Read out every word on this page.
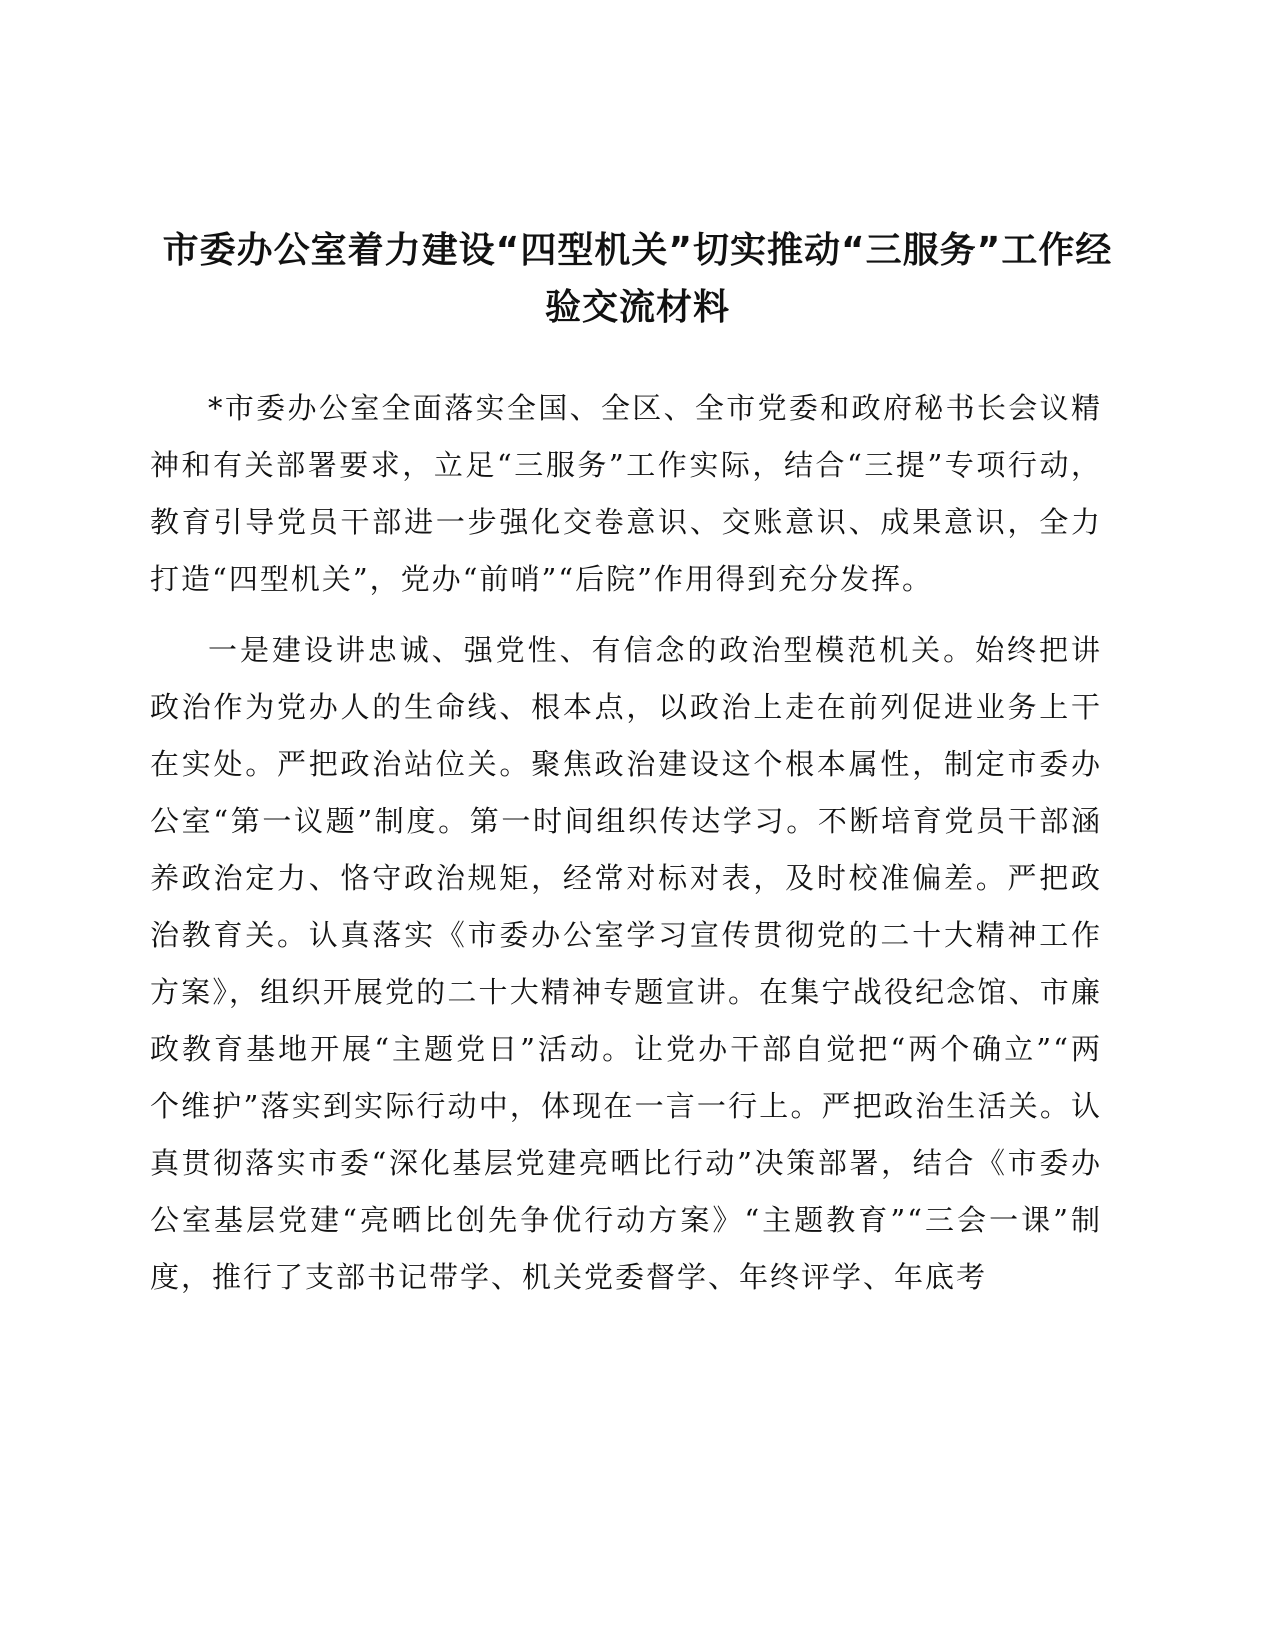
市委办公室着力建设“四型机关”切实推动“三服务”工作经验交流材料

*市委办公室全面落实全国、全区、全市党委和政府秘书长会议精神和有关部署要求，立足“三服务”工作实际，结合“三提”专项行动，教育引导党员干部进一步强化交卷意识、交账意识、成果意识，全力打造“四型机关”，党办“前哨”“后院”作用得到充分发挥。

一是建设讲忠诚、强党性、有信念的政治型模范机关。始终把讲政治作为党办人的生命线、根本点，以政治上走在前列促进业务上干在实处。严把政治站位关。聚焦政治建设这个根本属性，制定市委办公室“第一议题”制度。第一时间组织传达学习。不断培育党员干部涵养政治定力、恪守政治规矩，经常对标对表，及时校准偏差。严把政治教育关。认真落实《市委办公室学习宣传贯彻党的二十大精神工作方案》，组织开展党的二十大精神专题宣讲。在集宁战役纪念馆、市廉政教育基地开展“主题党日”活动。让党办干部自觉把“两个确立”“两个维护”落实到实际行动中，体现在一言一行上。严把政治生活关。认真贯彻落实市委“深化基层党建亮晒比行动”决策部署，结合《市委办公室基层党建“亮晒比创先争优行动方案》“主题教育”“三会一课”制度，推行了支部书记带学、机关党委督学、年终评学、年底考
